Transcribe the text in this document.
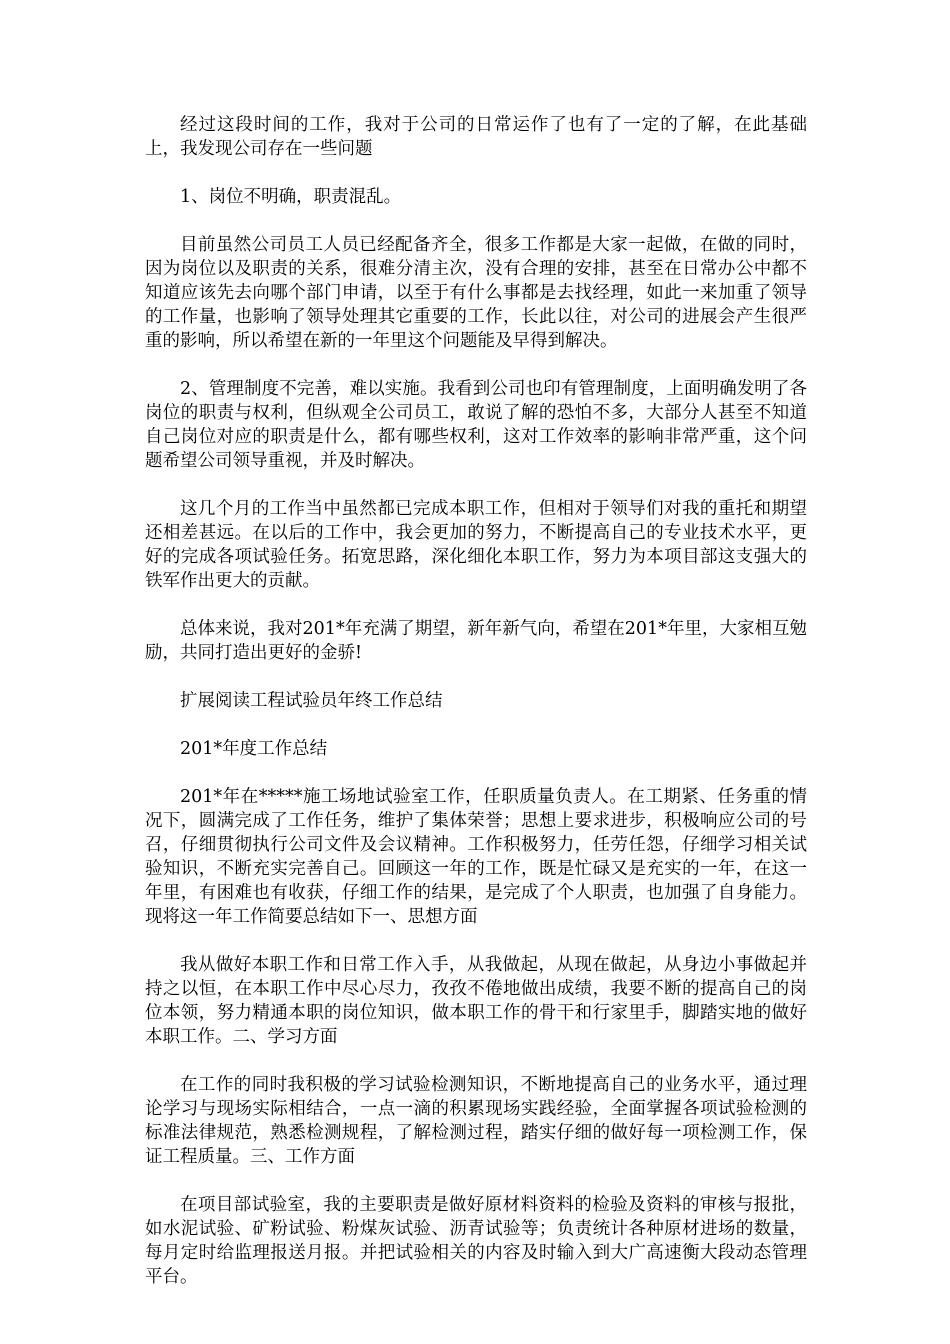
经过这段时间的工作，我对于公司的日常运作了也有了一定的了解，在此基础上，我发现公司存在一些问题

1、岗位不明确，职责混乱。

目前虽然公司员工人员已经配备齐全，很多工作都是大家一起做，在做的同时，因为岗位以及职责的关系，很难分清主次，没有合理的安排，甚至在日常办公中都不知道应该先去向哪个部门申请，以至于有什么事都是去找经理，如此一来加重了领导的工作量，也影响了领导处理其它重要的工作，长此以往，对公司的进展会产生很严重的影响，所以希望在新的一年里这个问题能及早得到解决。

2、管理制度不完善，难以实施。我看到公司也印有管理制度，上面明确发明了各岗位的职责与权利，但纵观全公司员工，敢说了解的恐怕不多，大部分人甚至不知道自己岗位对应的职责是什么，都有哪些权利，这对工作效率的影响非常严重，这个问题希望公司领导重视，并及时解决。

这几个月的工作当中虽然都已完成本职工作，但相对于领导们对我的重托和期望还相差甚远。在以后的工作中，我会更加的努力，不断提高自己的专业技术水平，更好的完成各项试验任务。拓宽思路，深化细化本职工作，努力为本项目部这支强大的铁军作出更大的贡献。

总体来说，我对201*年充满了期望，新年新气向，希望在201*年里，大家相互勉励，共同打造出更好的金骄!

扩展阅读工程试验员年终工作总结

201*年度工作总结

201*年在*****施工场地试验室工作，任职质量负责人。在工期紧、任务重的情况下，圆满完成了工作任务，维护了集体荣誉；思想上要求进步，积极响应公司的号召，仔细贯彻执行公司文件及会议精神。工作积极努力，任劳任怨，仔细学习相关试验知识，不断充实完善自己。回顾这一年的工作，既是忙碌又是充实的一年，在这一年里，有困难也有收获，仔细工作的结果，是完成了个人职责，也加强了自身能力。现将这一年工作简要总结如下一、思想方面

我从做好本职工作和日常工作入手，从我做起，从现在做起，从身边小事做起并持之以恒，在本职工作中尽心尽力，孜孜不倦地做出成绩，我要不断的提高自己的岗位本领，努力精通本职的岗位知识，做本职工作的骨干和行家里手，脚踏实地的做好本职工作。二、学习方面

在工作的同时我积极的学习试验检测知识，不断地提高自己的业务水平，通过理论学习与现场实际相结合，一点一滴的积累现场实践经验，全面掌握各项试验检测的标准法律规范，熟悉检测规程，了解检测过程，踏实仔细的做好每一项检测工作，保证工程质量。三、工作方面

在项目部试验室，我的主要职责是做好原材料资料的检验及资料的审核与报批，如水泥试验、矿粉试验、粉煤灰试验、沥青试验等；负责统计各种原材进场的数量，每月定时给监理报送月报。并把试验相关的内容及时输入到大广高速衡大段动态管理平台。
